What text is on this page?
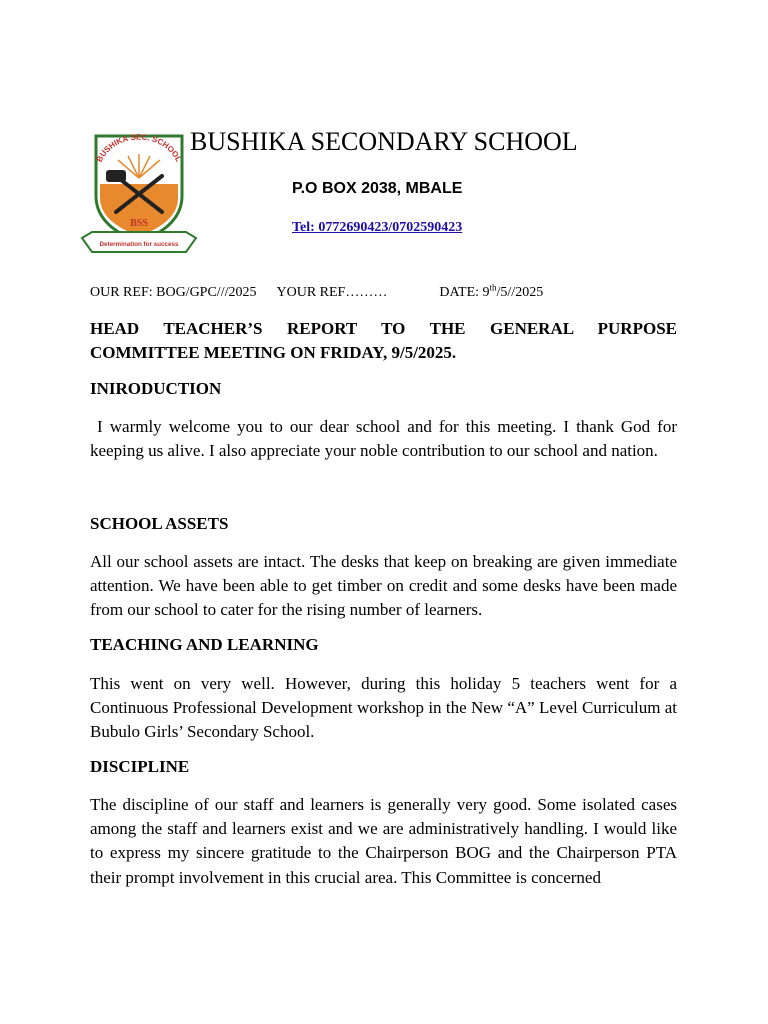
BUSHIKA SEC. SCHOOL
BSS
Determination for success
BUSHIKA SECONDARY SCHOOL
P.O BOX 2038, MBALE
Tel: 0772690423/0702590423
OUR REF: BOG/GPC///2025 YOUR REF………	DATE: 9th/5//2025
HEAD TEACHER’S REPORT TO THE GENERAL PURPOSE
COMMITTEE MEETING ON FRIDAY, 9/5/2025.
INIRODUCTION
I warmly welcome you to our dear school and for this meeting. I thank God for keeping us alive. I also appreciate your noble contribution to our school and nation.
SCHOOL ASSETS
All our school assets are intact. The desks that keep on breaking are given immediate attention. We have been able to get timber on credit and some desks have been made from our school to cater for the rising number of learners.
TEACHING AND LEARNING
This went on very well. However, during this holiday 5 teachers went for a Continuous Professional Development workshop in the New “A” Level Curriculum at Bubulo Girls’ Secondary School.
DISCIPLINE
The discipline of our staff and learners is generally very good. Some isolated cases among the staff and learners exist and we are administratively handling. I would like to express my sincere gratitude to the Chairperson BOG and the Chairperson PTA their prompt involvement in this crucial area. This Committee is concerned
